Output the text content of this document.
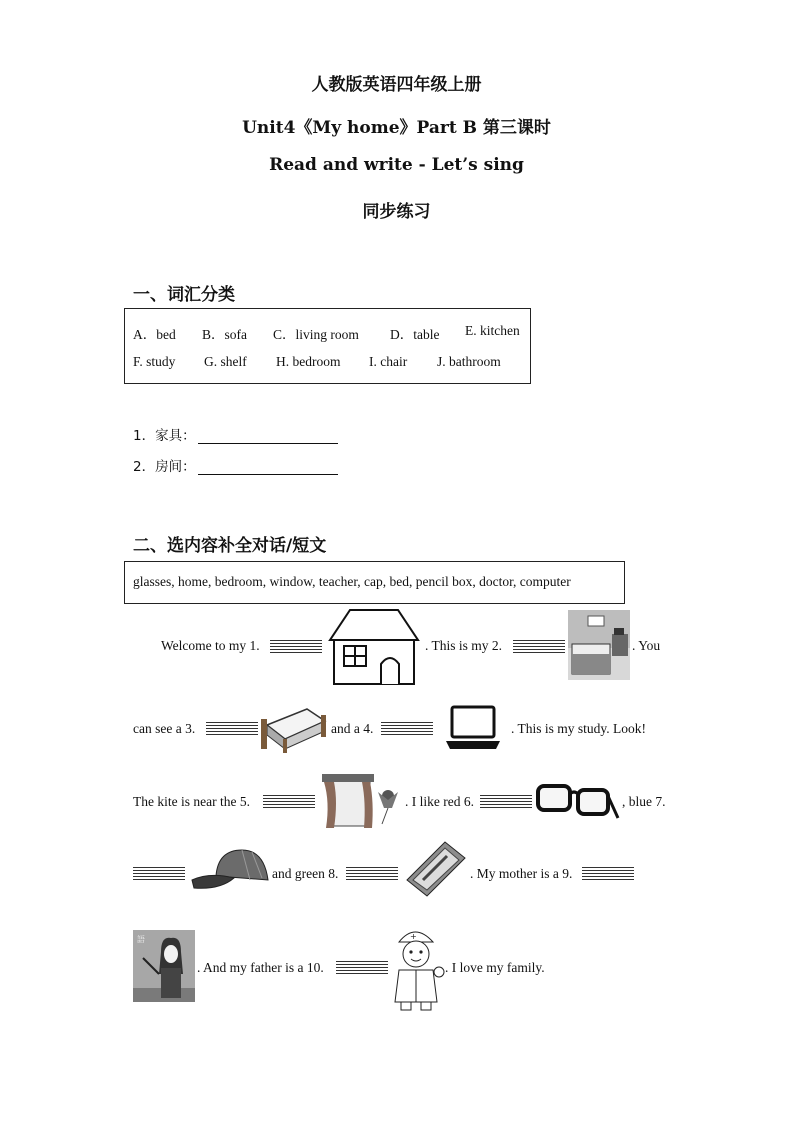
人教版英语四年级上册
Unit4《My home》Part B 第三课时
Read and write - Let’s sing
同步练习
一、词汇分类
A．bed B．sofa C．living room D．table E. kitchen
F. study G. shelf H. bedroom I. chair J. bathroom
1．家具：
2．房间：
二、选内容补全对话/短文
glasses, home, bedroom, window, teacher, cap, bed, pencil box, doctor, computer
Welcome to my 1.	. This is my 2.	. You
can see a 3.	and a 4.	. This is my study. Look!
The kite is near the 5.	. I like red 6.	, blue 7.
and green 8.	. My mother is a 9.
語
. And my father is a 10.
+
. I love my family.
